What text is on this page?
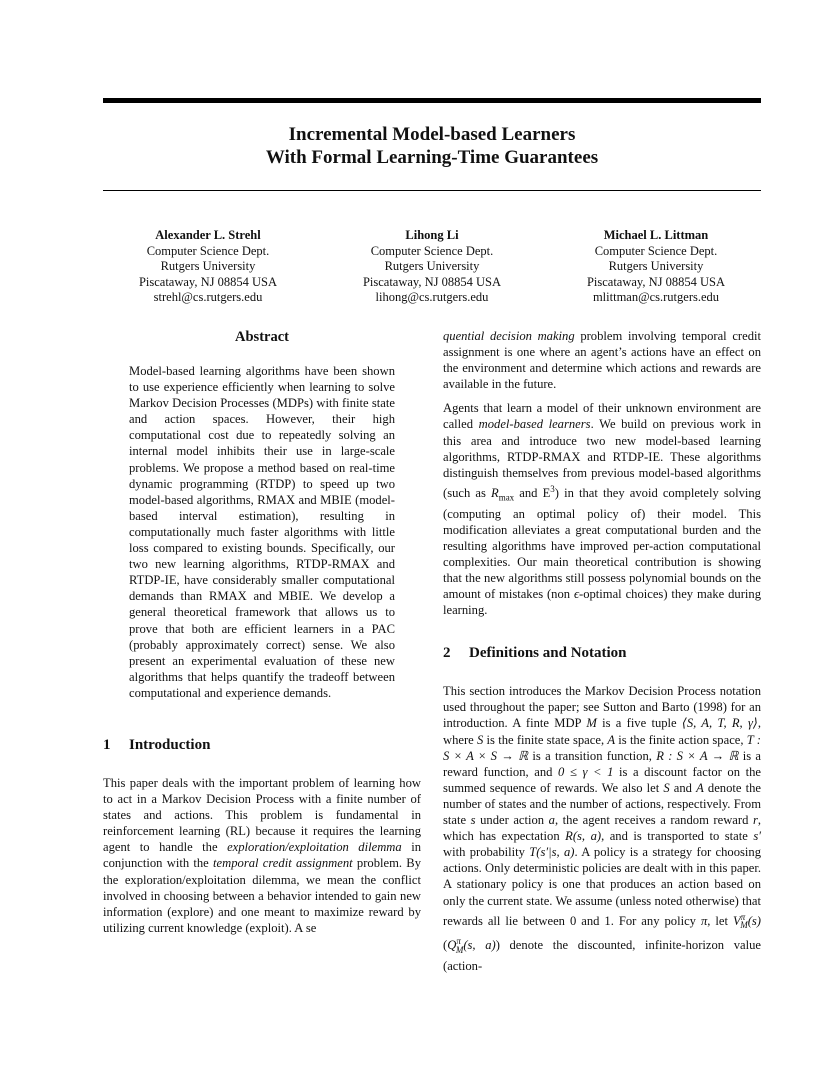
Incremental Model-based Learners
With Formal Learning-Time Guarantees
Alexander L. Strehl
Computer Science Dept.
Rutgers University
Piscataway, NJ 08854 USA
strehl@cs.rutgers.edu
Lihong Li
Computer Science Dept.
Rutgers University
Piscataway, NJ 08854 USA
lihong@cs.rutgers.edu
Michael L. Littman
Computer Science Dept.
Rutgers University
Piscataway, NJ 08854 USA
mlittman@cs.rutgers.edu
Abstract
Model-based learning algorithms have been shown to use experience efficiently when learning to solve Markov Decision Processes (MDPs) with finite state and action spaces. However, their high computational cost due to repeatedly solving an internal model inhibits their use in large-scale problems. We propose a method based on real-time dynamic programming (RTDP) to speed up two model-based algorithms, RMAX and MBIE (model-based interval estimation), resulting in computationally much faster algorithms with little loss compared to existing bounds. Specifically, our two new learning algorithms, RTDP-RMAX and RTDP-IE, have considerably smaller computational demands than RMAX and MBIE. We develop a general theoretical framework that allows us to prove that both are efficient learners in a PAC (probably approximately correct) sense. We also present an experimental evaluation of these new algorithms that helps quantify the tradeoff between computational and experience demands.
1 Introduction

This paper deals with the important problem of learning how to act in a Markov Decision Process with a finite number of states and actions. This problem is fundamental in reinforcement learning (RL) because it requires the learning agent to handle the exploration/exploitation dilemma in conjunction with the temporal credit assignment problem. By the exploration/exploitation dilemma, we mean the conflict involved in choosing between a behavior intended to gain new information (explore) and one meant to maximize reward by utilizing current knowledge (exploit). A se

quential decision making problem involving temporal credit assignment is one where an agent’s actions have an effect on the environment and determine which actions and rewards are available in the future.

Agents that learn a model of their unknown environment are called model-based learners. We build on previous work in this area and introduce two new model-based learning algorithms, RTDP-RMAX and RTDP-IE. These algorithms distinguish themselves from previous model-based algorithms (such as $R_{max}$ and $E^3$) in that they avoid completely solving (computing an optimal policy of) their model. This modification alleviates a great computational burden and the resulting algorithms have improved per-action computational complexities. Our main theoretical contribution is showing that the new algorithms still possess polynomial bounds on the amount of mistakes (non ϵ-optimal choices) they make during learning.

2 Definitions and Notation

This section introduces the Markov Decision Process notation used throughout the paper; see Sutton and Barto (1998) for an introduction. A finte MDP M is a five tuple ⟨S, A, T, R, γ⟩, where S is the finite state space, A is the finite action space, T : S × A × S → ℝ is a transition function, R : S × A → ℝ is a reward function, and 0 ≤ γ < 1 is a discount factor on the summed sequence of rewards. We also let S and A denote the number of states and the number of actions, respectively. From state s under action a, the agent receives a random reward r, which has expectation R(s, a), and is transported to state s′ with probability T(s′|s, a). A policy is a strategy for choosing actions. Only deterministic policies are dealt with in this paper. A stationary policy is one that produces an action based on only the current state. We assume (unless noted otherwise) that rewards all lie between 0 and 1. For any policy π, let $V^\pi_M(s)$ ($Q^\pi_M(s$, a)) denote the discounted, infinite-horizon value (action-
